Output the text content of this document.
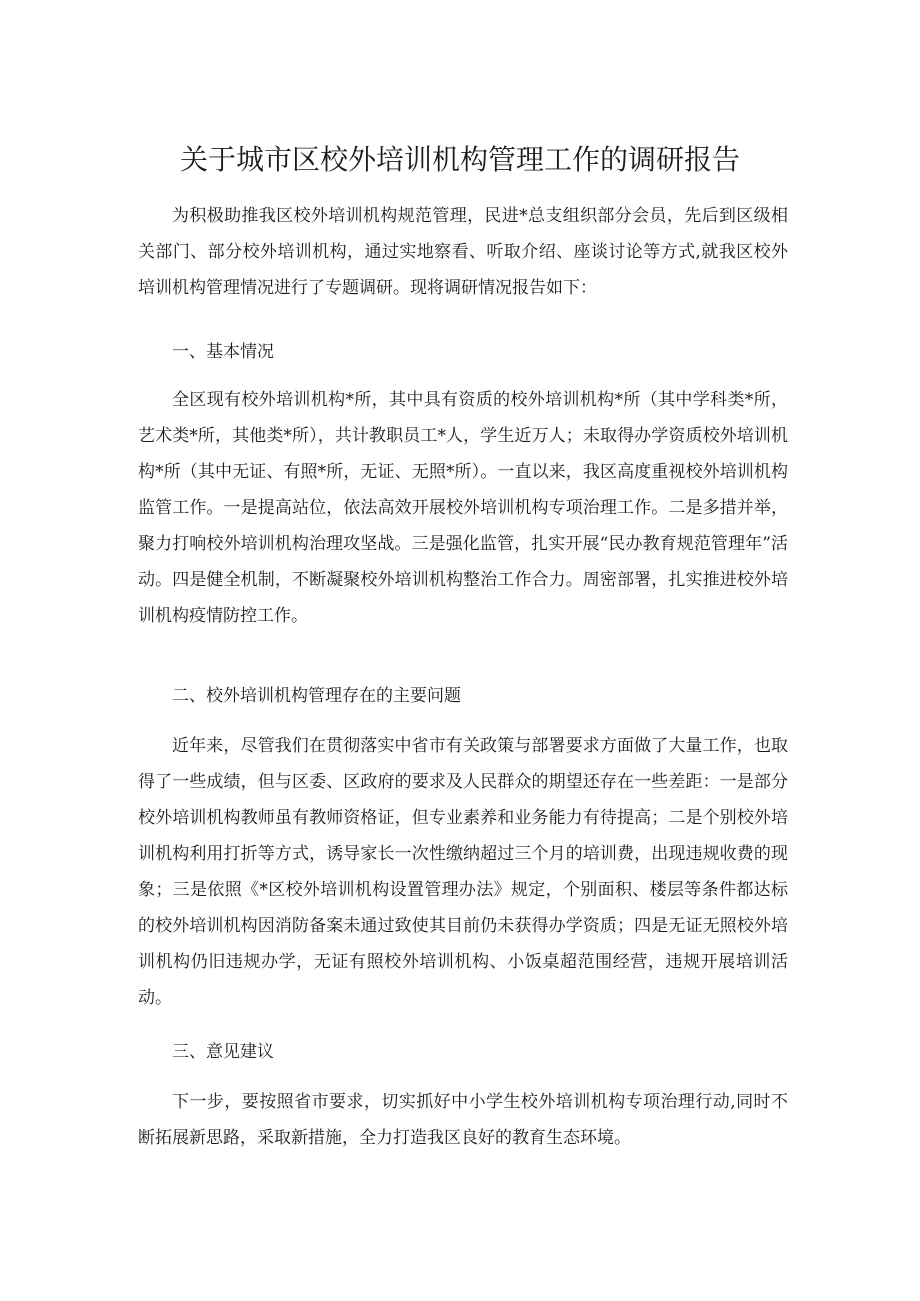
关于城市区校外培训机构管理工作的调研报告

为积极助推我区校外培训机构规范管理，民进*总支组织部分会员，先后到区级相关部门、部分校外培训机构，通过实地察看、听取介绍、座谈讨论等方式,就我区校外培训机构管理情况进行了专题调研。现将调研情况报告如下：

一、基本情况

全区现有校外培训机构*所，其中具有资质的校外培训机构*所（其中学科类*所，艺术类*所，其他类*所），共计教职员工*人，学生近万人；未取得办学资质校外培训机构*所（其中无证、有照*所，无证、无照*所）。一直以来，我区高度重视校外培训机构监管工作。一是提高站位，依法高效开展校外培训机构专项治理工作。二是多措并举，聚力打响校外培训机构治理攻坚战。三是强化监管，扎实开展“民办教育规范管理年”活动。四是健全机制，不断凝聚校外培训机构整治工作合力。周密部署，扎实推进校外培训机构疫情防控工作。

二、校外培训机构管理存在的主要问题

近年来，尽管我们在贯彻落实中省市有关政策与部署要求方面做了大量工作，也取得了一些成绩，但与区委、区政府的要求及人民群众的期望还存在一些差距：一是部分校外培训机构教师虽有教师资格证，但专业素养和业务能力有待提高；二是个别校外培训机构利用打折等方式，诱导家长一次性缴纳超过三个月的培训费，出现违规收费的现象；三是依照《*区校外培训机构设置管理办法》规定，个别面积、楼层等条件都达标的校外培训机构因消防备案未通过致使其目前仍未获得办学资质；四是无证无照校外培训机构仍旧违规办学，无证有照校外培训机构、小饭桌超范围经营，违规开展培训活动。

三、意见建议

下一步，要按照省市要求，切实抓好中小学生校外培训机构专项治理行动,同时不断拓展新思路，采取新措施，全力打造我区良好的教育生态环境。
